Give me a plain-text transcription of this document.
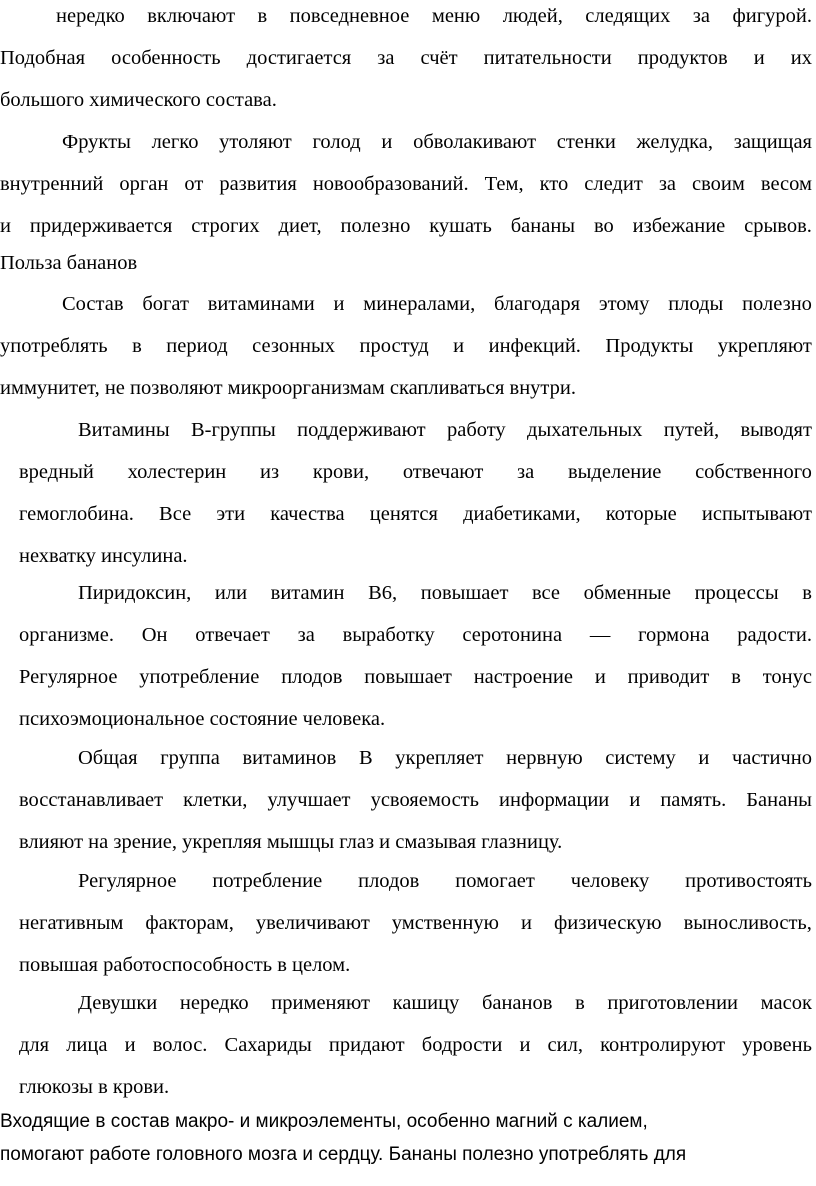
нередко включают в повседневное меню людей, следящих за фигурой.
Подобная особенность достигается за счёт питательности продуктов и их
большого химического состава.
Фрукты легко утоляют голод и обволакивают стенки желудка, защищая
внутренний орган от развития новообразований. Тем, кто следит за своим весом
и придерживается строгих диет, полезно кушать бананы во избежание срывов.
Польза бананов
Состав богат витаминами и минералами, благодаря этому плоды полезно
употреблять в период сезонных простуд и инфекций. Продукты укрепляют
иммунитет, не позволяют микроорганизмам скапливаться внутри.
Витамины В-группы поддерживают работу дыхательных путей, выводят
вредный холестерин из крови, отвечают за выделение собственного
гемоглобина. Все эти качества ценятся диабетиками, которые испытывают
нехватку инсулина.
Пиридоксин, или витамин В6, повышает все обменные процессы в
организме. Он отвечает за выработку серотонина — гормона радости.
Регулярное употребление плодов повышает настроение и приводит в тонус
психоэмоциональное состояние человека.
Общая группа витаминов В укрепляет нервную систему и частично
восстанавливает клетки, улучшает усвояемость информации и память. Бананы
влияют на зрение, укрепляя мышцы глаз и смазывая глазницу.
Регулярное потребление плодов помогает человеку противостоять
негативным факторам, увеличивают умственную и физическую выносливость,
повышая работоспособность в целом.
Девушки нередко применяют кашицу бананов в приготовлении масок
для лица и волос. Сахариды придают бодрости и сил, контролируют уровень
глюкозы в крови.
Входящие в состав макро- и микроэлементы, особенно магний с калием,
помогают работе головного мозга и сердцу. Бананы полезно употреблять для
